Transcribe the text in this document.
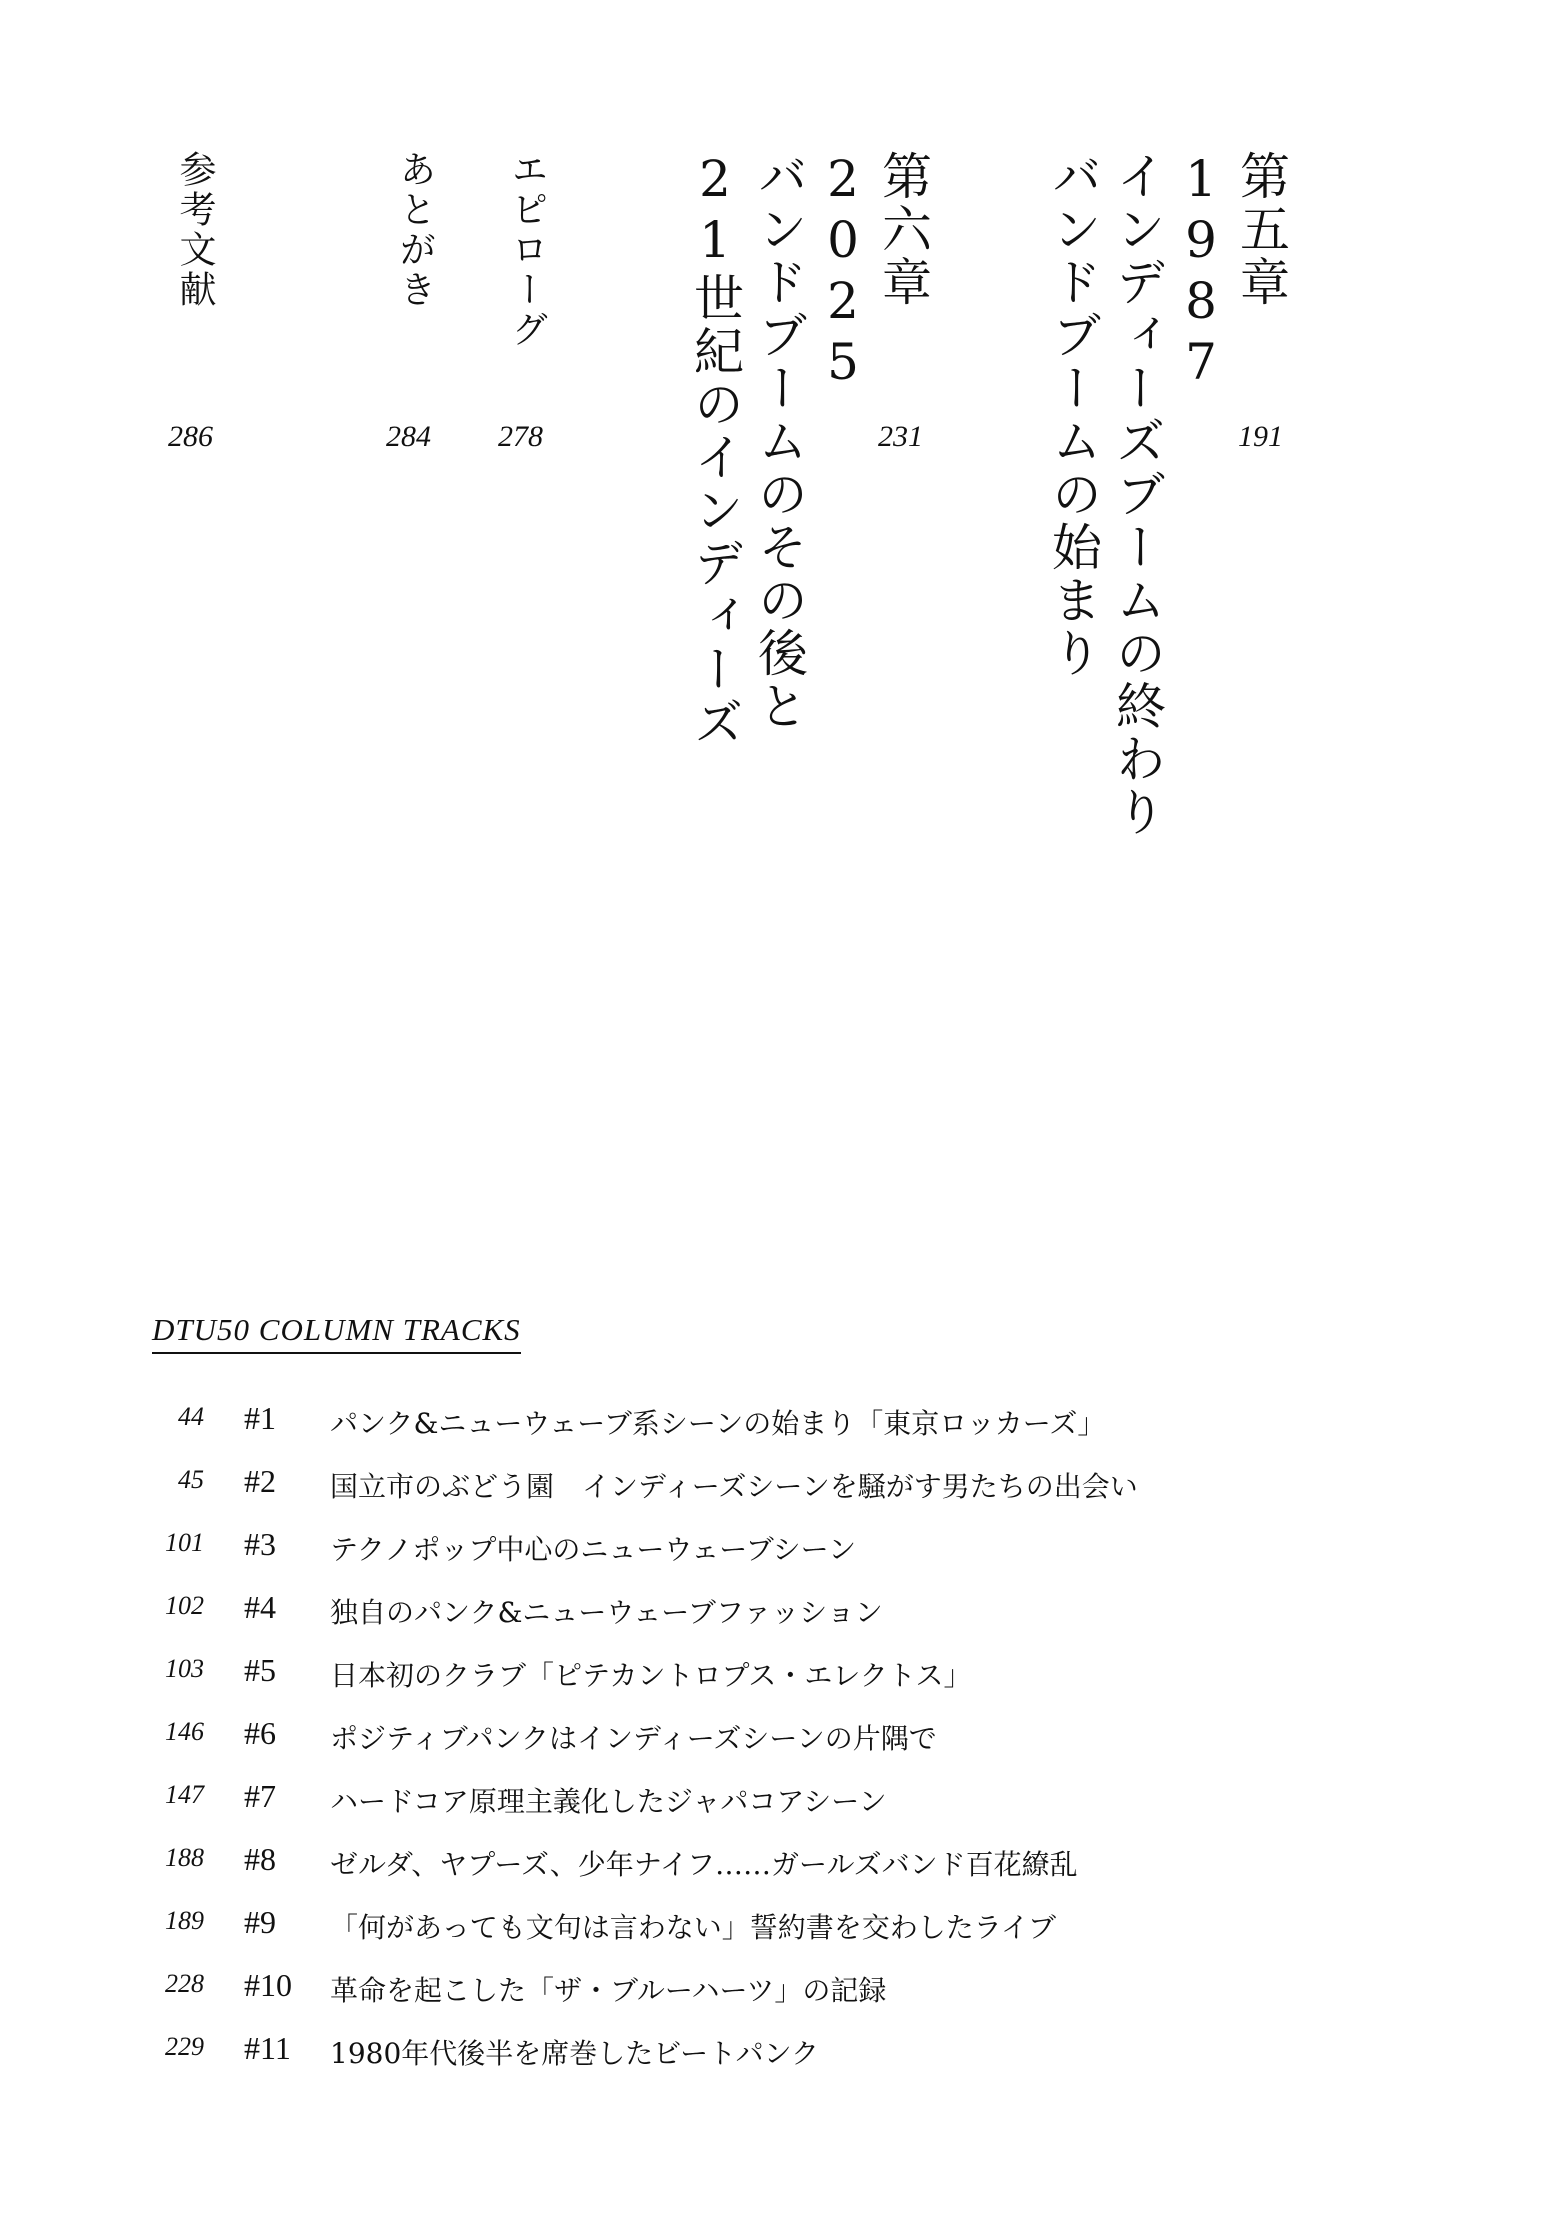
第五章
1987
インディーズブームの終わり
バンドブームの始まり
第六章
2025
バンドブームのその後と
21世紀のインディーズ
エピローグ
あとがき
参考文献
191
231
278
284
286
DTU50 COLUMN TRACKS
44 #1 パンク&ニューウェーブ系シーンの始まり「東京ロッカーズ」
45 #2 国立市のぶどう園　インディーズシーンを騒がす男たちの出会い
101 #3 テクノポップ中心のニューウェーブシーン
102 #4 独自のパンク&ニューウェーブファッション
103 #5 日本初のクラブ「ピテカントロプス・エレクトス」
146 #6 ポジティブパンクはインディーズシーンの片隅で
147 #7 ハードコア原理主義化したジャパコアシーン
188 #8 ゼルダ、ヤプーズ、少年ナイフ……ガールズバンド百花繚乱
189 #9 「何があっても文句は言わない」誓約書を交わしたライブ
228 #10 革命を起こした「ザ・ブルーハーツ」の記録
229 #11 1980年代後半を席巻したビートパンク
